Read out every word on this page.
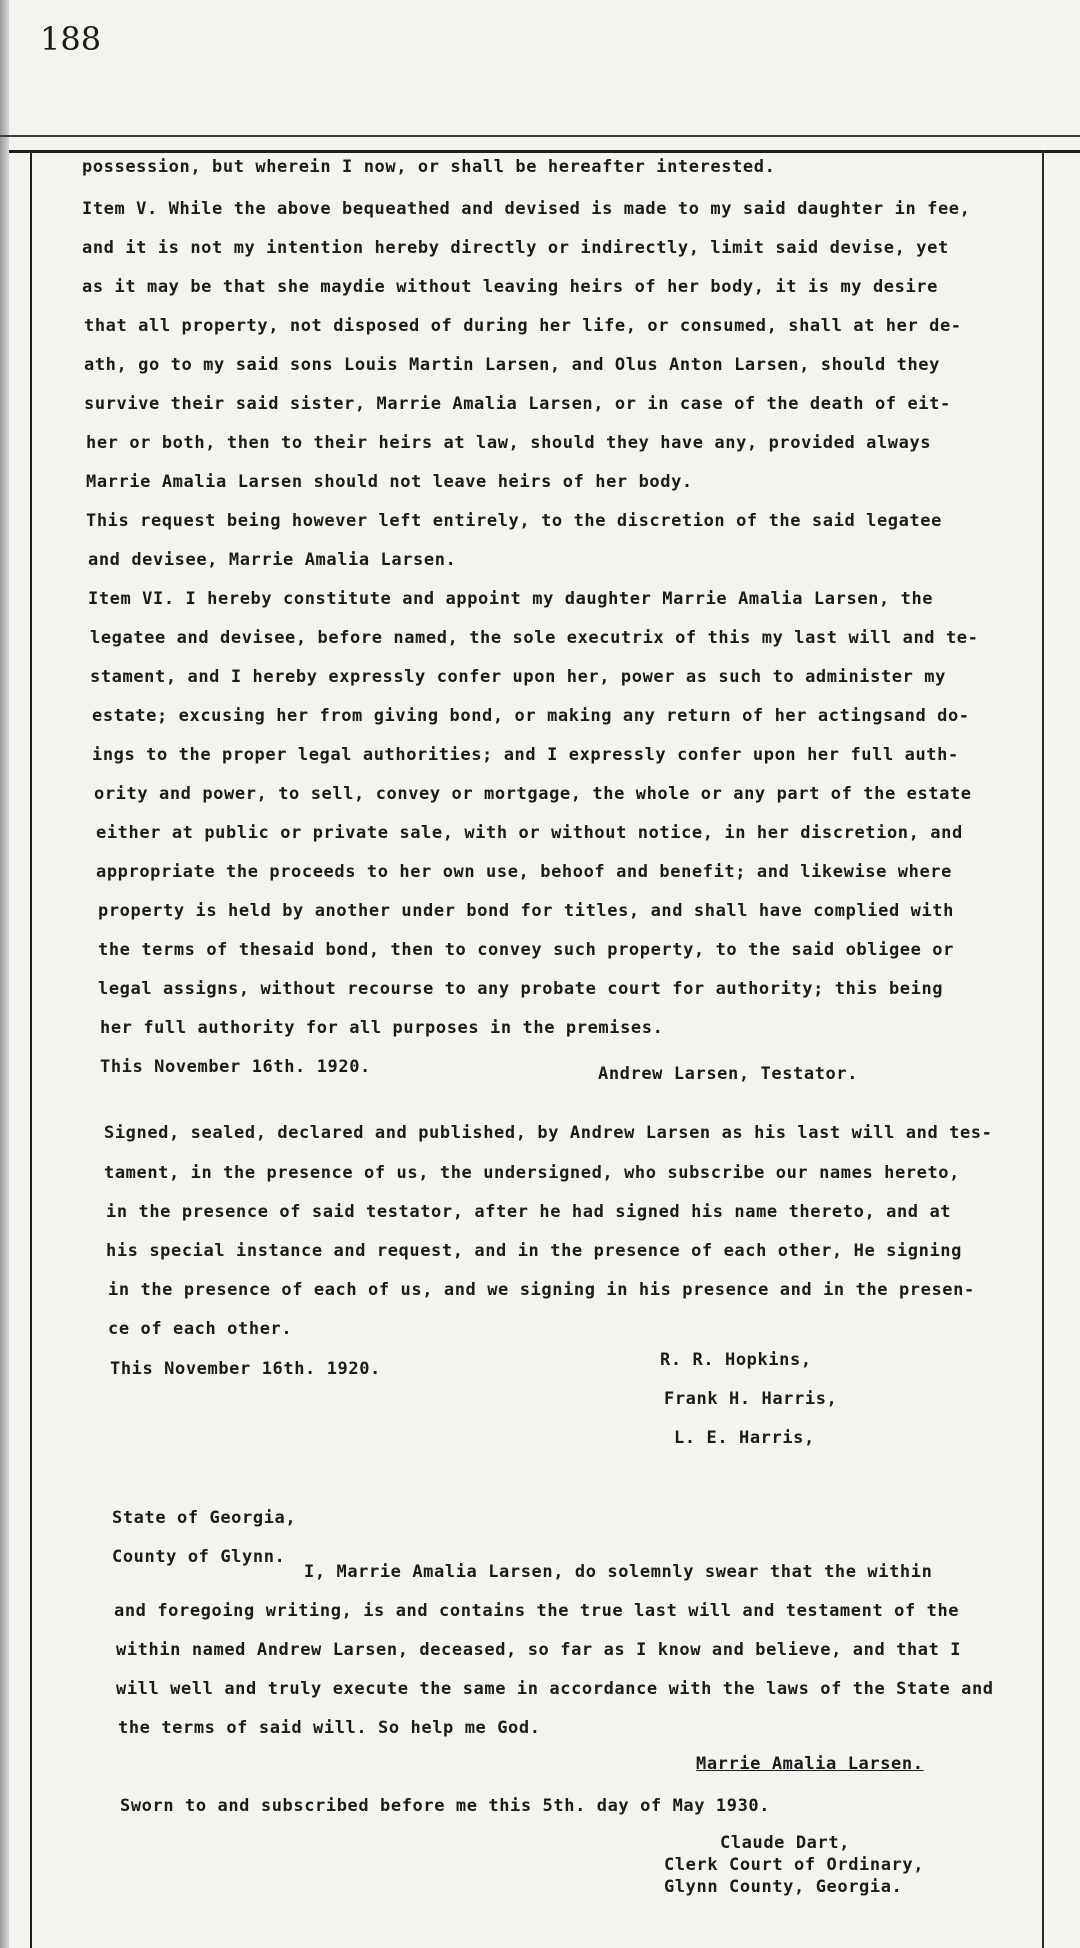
188
possession, but wherein I now, or shall be hereafter interested.
Item V. While the above bequeathed and devised is made to my said daughter in fee,
and it is not my intention hereby directly or indirectly, limit said devise, yet
as it may be that she maydie without leaving heirs of her body, it is my desire
that all property, not disposed of during her life, or consumed, shall at her de-
ath, go to my said sons Louis Martin Larsen, and Olus Anton Larsen, should they
survive their said sister, Marrie Amalia Larsen, or in case of the death of eit-
her or both, then to their heirs at law, should they have any, provided always
Marrie Amalia Larsen should not leave heirs of her body.
This request being however left entirely, to the discretion of the said legatee
and devisee, Marrie Amalia Larsen.
Item VI. I hereby constitute and appoint my daughter Marrie Amalia Larsen, the
legatee and devisee, before named, the sole executrix of this my last will and te-
stament, and I hereby expressly confer upon her, power as such to administer my
estate; excusing her from giving bond, or making any return of her actingsand do-
ings to the proper legal authorities; and I expressly confer upon her full auth-
ority and power, to sell, convey or mortgage, the whole or any part of the estate
either at public or private sale, with or without notice, in her discretion, and
appropriate the proceeds to her own use, behoof and benefit; and likewise where
property is held by another under bond for titles, and shall have complied with
the terms of thesaid bond, then to convey such property, to the said obligee or
legal assigns, without recourse to any probate court for authority; this being
her full authority for all purposes in the premises.
This November 16th. 1920.	Andrew Larsen, Testator.
Signed, sealed, declared and published, by Andrew Larsen as his last will and tes-
tament, in the presence of us, the undersigned, who subscribe our names hereto,
in the presence of said testator, after he had signed his name thereto, and at
his special instance and request, and in the presence of each other, He signing
in the presence of each of us, and we signing in his presence and in the presen-
ce of each other.
This November 16th. 1920.	R. R. Hopkins,
Frank H. Harris,
L. E. Harris,
State of Georgia,
County of Glynn.
I, Marrie Amalia Larsen, do solemnly swear that the within
and foregoing writing, is and contains the true last will and testament of the
within named Andrew Larsen, deceased, so far as I know and believe, and that I
will well and truly execute the same in accordance with the laws of the State and
the terms of said will. So help me God.
Marrie Amalia Larsen.
Sworn to and subscribed before me this 5th. day of May 1930.
Claude Dart,
Clerk Court of Ordinary,
Glynn County, Georgia.
